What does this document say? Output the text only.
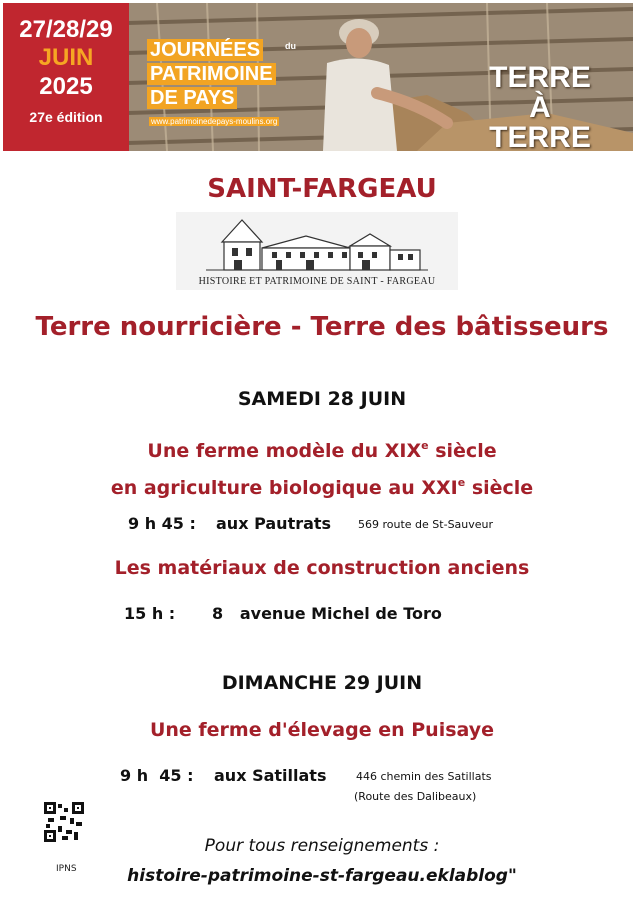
27/28/29
JUIN
2025
27e édition
JOURNÉES	du
PATRIMOINE
DE PAYS
www.patrimoinedepays-moulins.org
TERRE
À TERRE
SAINT-FARGEAU
HISTOIRE ET PATRIMOINE DE SAINT - FARGEAU
Terre nourricière - Terre des bâtisseurs
SAMEDI 28 JUIN
Une ferme modèle du XIXe siècle
en agriculture biologique au XXIe siècle
9 h 45 : aux Pautrats 569 route de St-Sauveur
Les matériaux de construction anciens
15 h : 8   avenue Michel de Toro
DIMANCHE 29 JUIN
Une ferme d'élevage en Puisaye
9 h  45 : aux Satillats	446 chemin des Satillats
(Route des Dalibeaux)
IPNS
Pour tous renseignements :
histoire-patrimoine-st-fargeau.eklablog"
